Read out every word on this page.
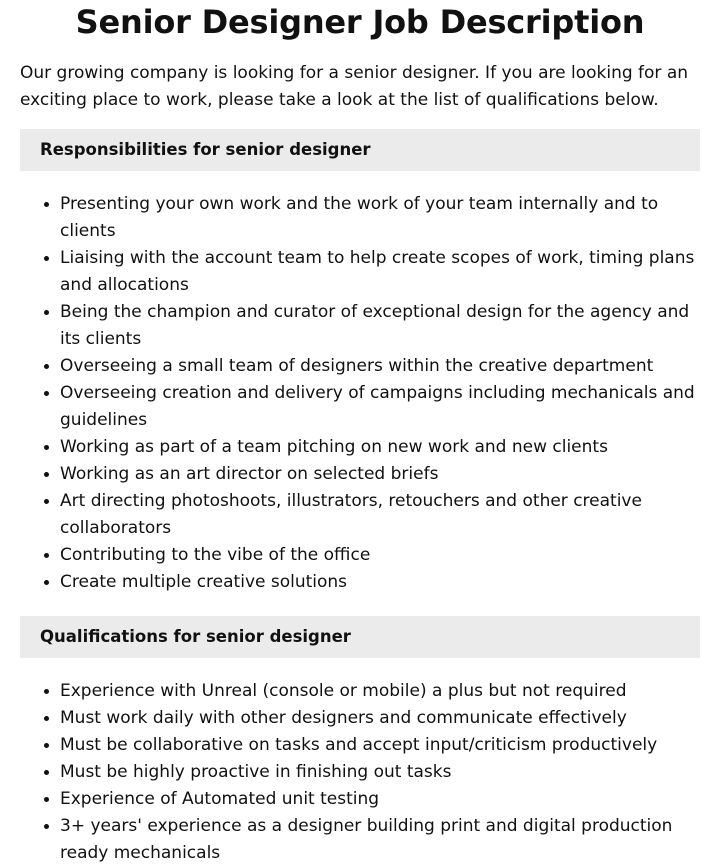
Senior Designer Job Description

Our growing company is looking for a senior designer. If you are looking for an exciting place to work, please take a look at the list of qualifications below.

Responsibilities for senior designer
• Presenting your own work and the work of your team internally and to clients
• Liaising with the account team to help create scopes of work, timing plans and allocations
• Being the champion and curator of exceptional design for the agency and its clients
• Overseeing a small team of designers within the creative department
• Overseeing creation and delivery of campaigns including mechanicals and guidelines
• Working as part of a team pitching on new work and new clients
• Working as an art director on selected briefs
• Art directing photoshoots, illustrators, retouchers and other creative collaborators
• Contributing to the vibe of the office
• Create multiple creative solutions
Qualifications for senior designer
• Experience with Unreal (console or mobile) a plus but not required
• Must work daily with other designers and communicate effectively
• Must be collaborative on tasks and accept input/criticism productively
• Must be highly proactive in finishing out tasks
• Experience of Automated unit testing
• 3+ years' experience as a designer building print and digital production ready mechanicals
